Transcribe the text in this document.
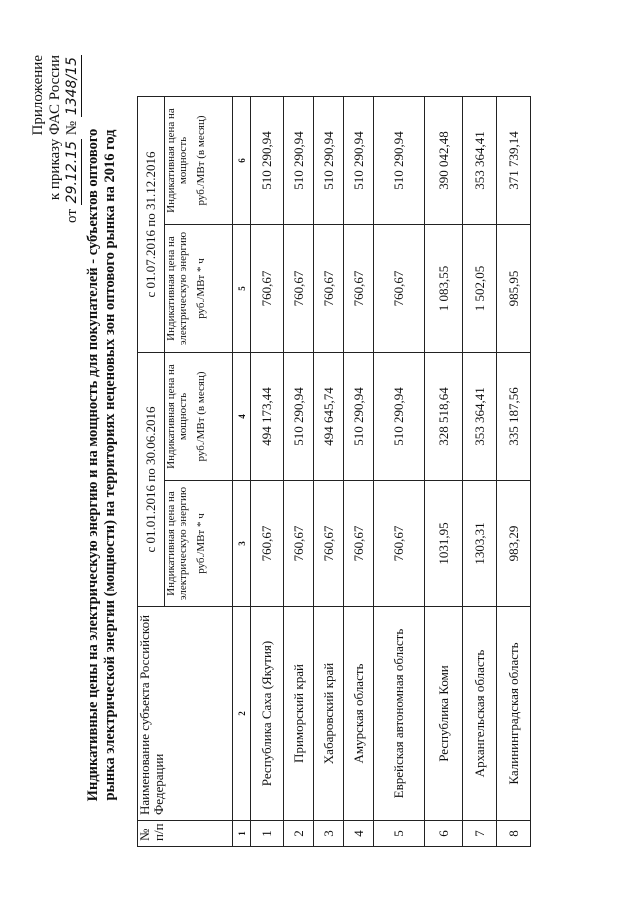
Приложение к приказу ФАС России
от 29.12.15 № 1348/15
Индикативные цены на электрическую энергию и на мощность для покупателей - субъектов оптового рынка электрической энергии (мощности) на территориях неценовых зон оптового рынка на 2016 год
№ п/п	Наименование субъекта Российской Федерации	с 01.01.2016 по 30.06.2016		с 01.07.2016 по 31.12.2016	

		Индикативная цена на электрическую энергию руб./МВт * ч	Индикативная цена на мощность руб./МВт (в месяц)	Индикативная цена на электрическую энергию руб./МВт * ч	Индикативная цена на мощность руб./МВт (в месяц)

1	2	3	4	5	6
1	Республика Саха (Якутия)	760,67	494 173,44	760,67	510 290,94
2	Приморский край	760,67	510 290,94	760,67	510 290,94
3	Хабаровский край	760,67	494 645,74	760,67	510 290,94
4	Амурская область	760,67	510 290,94	760,67	510 290,94
5	Еврейская автономная область	760,67	510 290,94	760,67	510 290,94
6	Республика Коми	1031,95	328 518,64	1 083,55	390 042,48
7	Архангельская область	1303,31	353 364,41	1 502,05	353 364,41
8	Калининградская область	983,29	335 187,56	985,95	371 739,14
